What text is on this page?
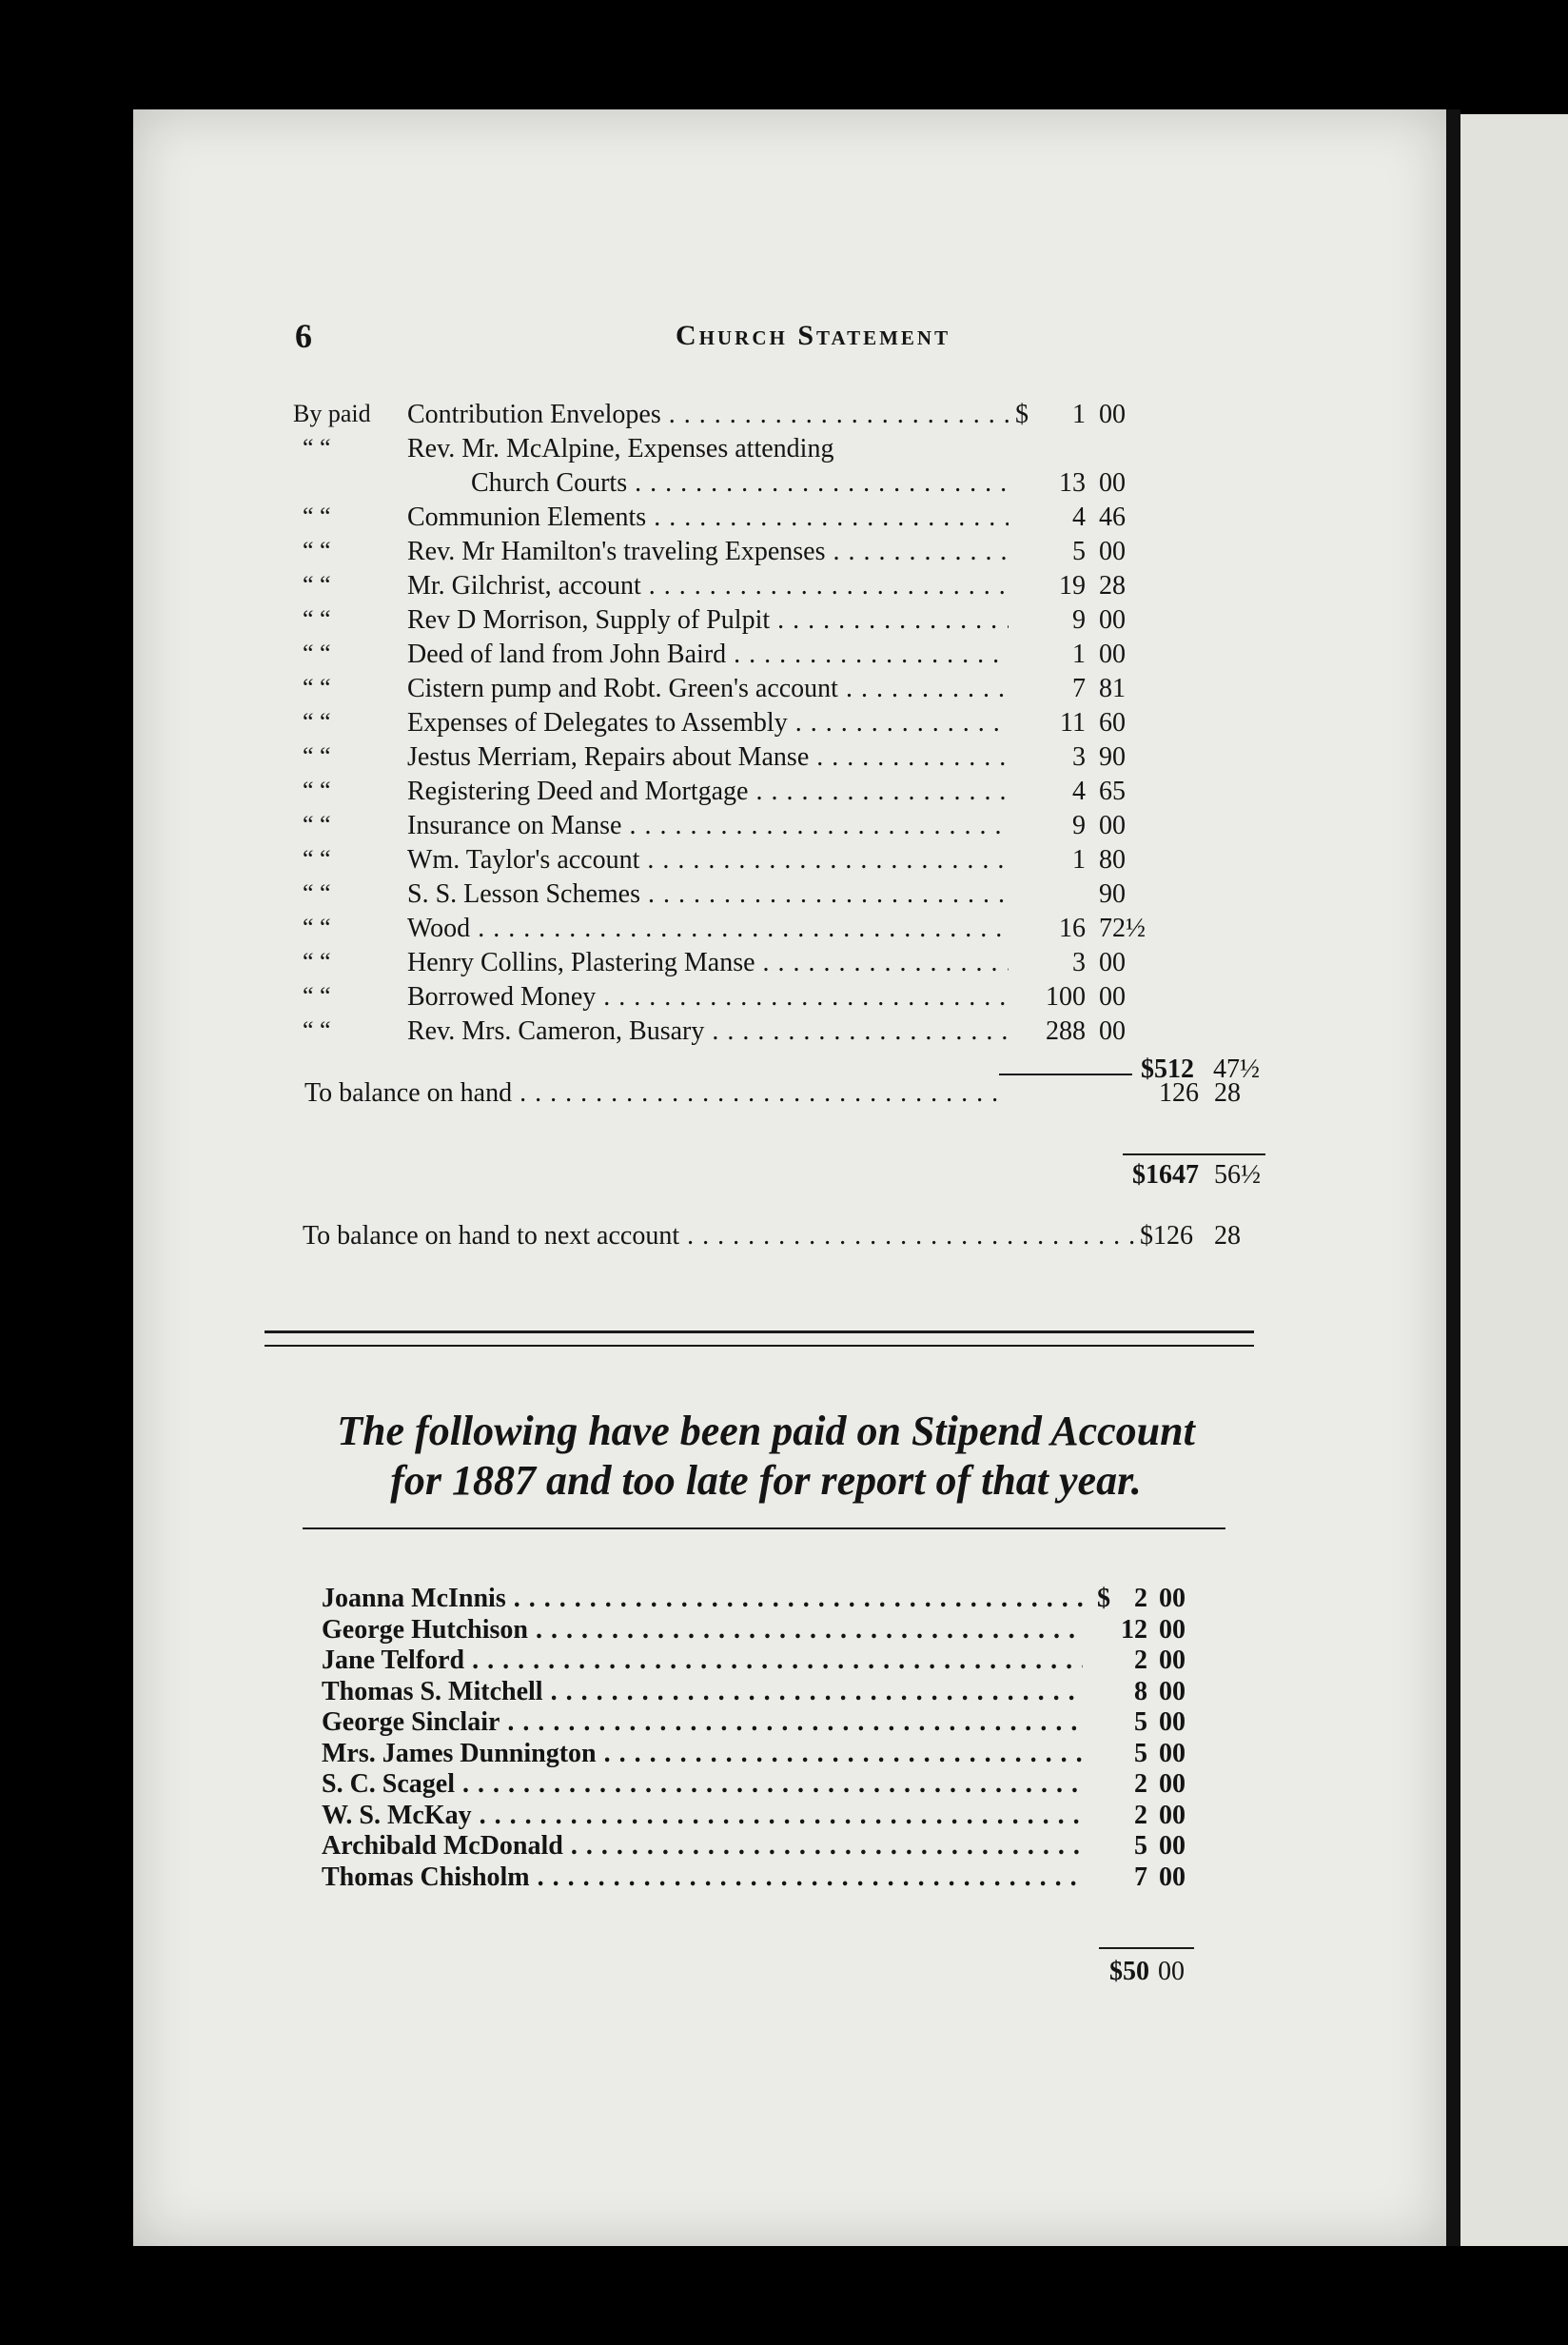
6	Church Statement
By paid	Contribution Envelopes . . .	$	1 00
“ “	Rev. Mr. McAlpine, Expenses attending
Church Courts . . .	13 00
“ “	Communion Elements . . .	4 46
“ “	Rev. Mr Hamilton's traveling Expenses . . .	5 00
“ “	Mr. Gilchrist, account . . .	19 28
“ “	Rev D Morrison, Supply of Pulpit . . .	9 00
“ “	Deed of land from John Baird . . .	1 00
“ “	Cistern pump and Robt. Green's account . . .	7 81
“ “	Expenses of Delegates to Assembly . . .	11 60
“ “	Jestus Merriam, Repairs about Manse . . .	3 90
“ “	Registering Deed and Mortgage . . .	4 65
“ “	Insurance on Manse . . .	9 00
“ “	Wm. Taylor's account . . .	1 80
“ “	S. S. Lesson Schemes . . .	90
“ “	Wood . . .	16 72½
“ “	Henry Collins, Plastering Manse . . .	3 00
“ “	Borrowed Money . . .	100 00
“ “	Rev. Mrs. Cameron, Busary . . .	288 00
$512 47½
To balance on hand . . .	126 28
$1647 56½
To balance on hand to next account . . .	$126 28
The following have been paid on Stipend Account
for 1887 and too late for report of that year.
Joanna McInnis . . .	$ 2 00
George Hutchison . . .	12 00
Jane Telford . . .	2 00
Thomas S. Mitchell . . .	8 00
George Sinclair . . .	5 00
Mrs. James Dunnington . . .	5 00
S. C. Scagel . . .	2 00
W. S. McKay . . .	2 00
Archibald McDonald . . .	5 00
Thomas Chisholm . . .	7 00
$50 00
